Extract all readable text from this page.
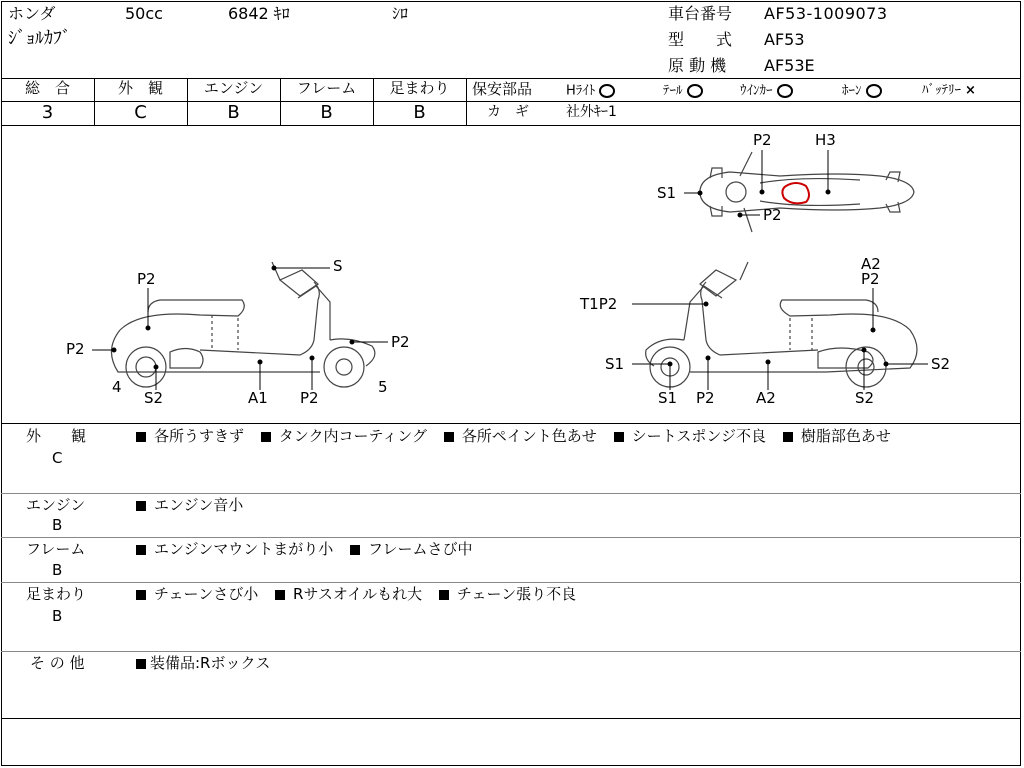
ホンダ	50cc	6842 ｷﾛ	ｼﾛ
ｼﾞｮﾙｶﾌﾞ
車台番号 AF53-1009073
型　　式 AF53
原 動 機 AF53E
総　合
3
外　観
C
エンジン
B
フレーム
B
足まわり
B
保安部品	Hﾗｲﾄ	ﾃｰﾙ	ｳｲﾝｶｰ	ﾎｰﾝ	ﾊﾞｯﾃﾘｰ ×
カ　ギ	社外ｷｰ1
P2	H3
S1
P2
S
P2
P2	P2
4
S2	A1 P2
5
A2
P2
T1P2
S1	S2
S1 P2	A2	S2
外　　観
C
各所うすきず タンク内コーティング 各所ペイント色あせ シートスポンジ不良 樹脂部色あせ
エンジン
B
エンジン音小
フレーム
B
エンジンマウントまがり小 フレームさび中
足まわり
B
チェーンさび小 Rサスオイルもれ大 チェーン張り不良
そ の 他	装備品:Rボックス
